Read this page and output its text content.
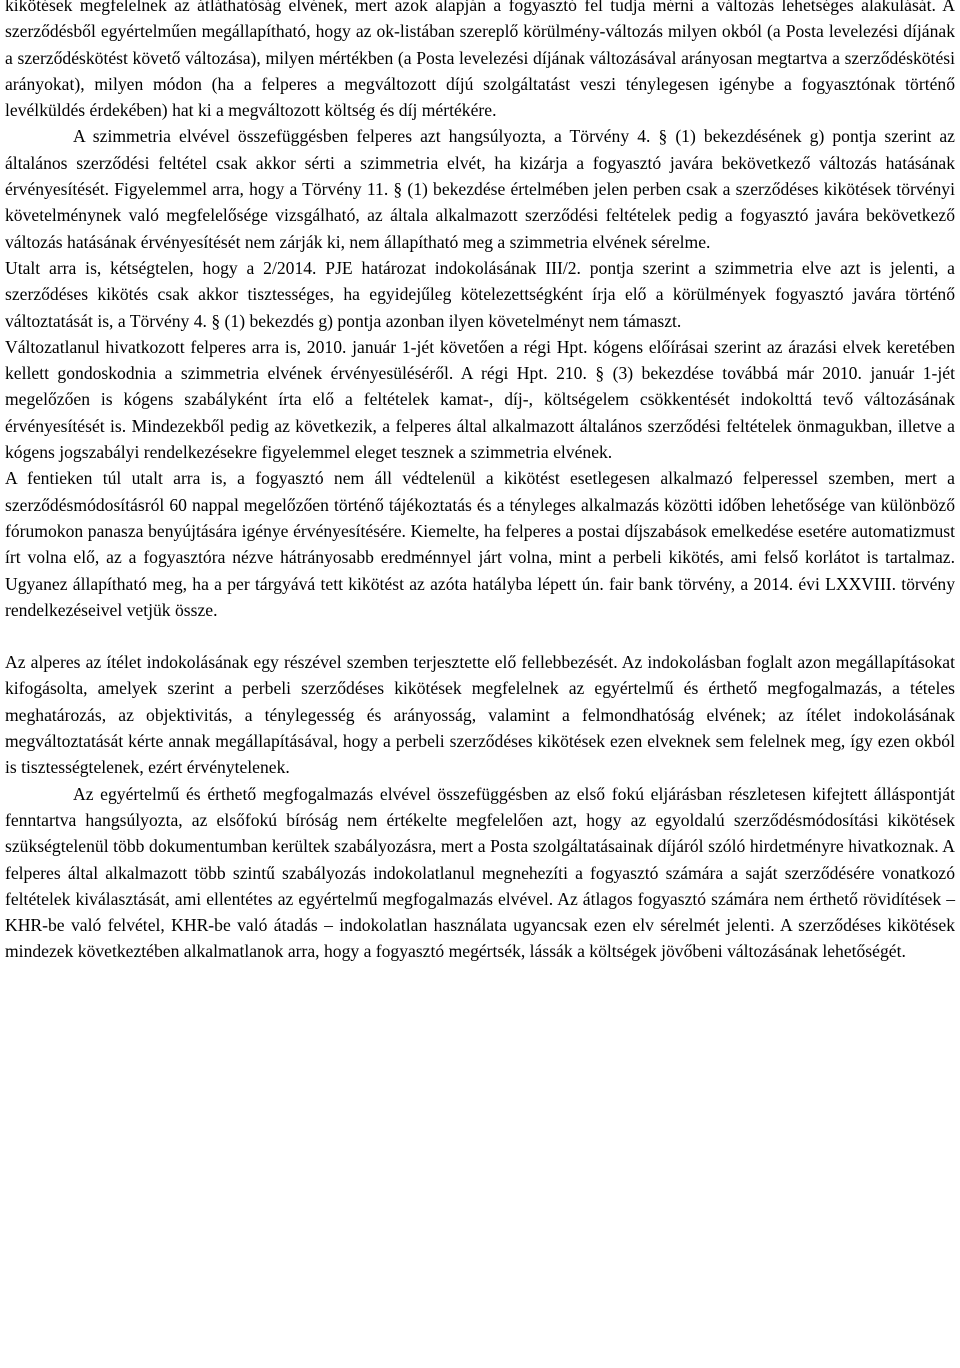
kikötések megfelelnek az átláthatóság elvének, mert azok alapján a fogyasztó fel tudja mérni a változás lehetséges alakulását. A szerződésből egyértelműen megállapítható, hogy az ok-listában szereplő körülmény-változás milyen okból (a Posta levelezési díjának a szerződéskötést követő változása), milyen mértékben (a Posta levelezési díjának változásával arányosan megtartva a szerződéskötési arányokat), milyen módon (ha a felperes a megváltozott díjú szolgáltatást veszi ténylegesen igénybe a fogyasztónak történő levélküldés érdekében) hat ki a megváltozott költség és díj mértékére.

A szimmetria elvével összefüggésben felperes azt hangsúlyozta, a Törvény 4. § (1) bekezdésének g) pontja szerint az általános szerződési feltétel csak akkor sérti a szimmetria elvét, ha kizárja a fogyasztó javára bekövetkező változás hatásának érvényesítését. Figyelemmel arra, hogy a Törvény 11. § (1) bekezdése értelmében jelen perben csak a szerződéses kikötések törvényi követelménynek való megfelelősége vizsgálható, az általa alkalmazott szerződési feltételek pedig a fogyasztó javára bekövetkező változás hatásának érvényesítését nem zárják ki, nem állapítható meg a szimmetria elvének sérelme.

Utalt arra is, kétségtelen, hogy a 2/2014. PJE határozat indokolásának III/2. pontja szerint a szimmetria elve azt is jelenti, a szerződéses kikötés csak akkor tisztességes, ha egyidejűleg kötelezettségként írja elő a körülmények fogyasztó javára történő változtatását is, a Törvény 4. § (1) bekezdés g) pontja azonban ilyen követelményt nem támaszt.

Változatlanul hivatkozott felperes arra is, 2010. január 1-jét követően a régi Hpt. kógens előírásai szerint az árazási elvek keretében kellett gondoskodnia a szimmetria elvének érvényesüléséről. A régi Hpt. 210. § (3) bekezdése továbbá már 2010. január 1-jét megelőzően is kógens szabályként írta elő a feltételek kamat-, díj-, költségelem csökkentését indokolttá tevő változásának érvényesítését is. Mindezekből pedig az következik, a felperes által alkalmazott általános szerződési feltételek önmagukban, illetve a kógens jogszabályi rendelkezésekre figyelemmel eleget tesznek a szimmetria elvének.

A fentieken túl utalt arra is, a fogyasztó nem áll védtelenül a kikötést esetlegesen alkalmazó felperessel szemben, mert a szerződésmódosításról 60 nappal megelőzően történő tájékoztatás és a tényleges alkalmazás közötti időben lehetősége van különböző fórumokon panasza benyújtására igénye érvényesítésére. Kiemelte, ha felperes a postai díjszabások emelkedése esetére automatizmust írt volna elő, az a fogyasztóra nézve hátrányosabb eredménnyel járt volna, mint a perbeli kikötés, ami felső korlátot is tartalmaz. Ugyanez állapítható meg, ha a per tárgyává tett kikötést az azóta hatályba lépett ún. fair bank törvény, a 2014. évi LXXVIII. törvény rendelkezéseivel vetjük össze.

Az alperes az ítélet indokolásának egy részével szemben terjesztette elő fellebbezését. Az indokolásban foglalt azon megállapításokat kifogásolta, amelyek szerint a perbeli szerződéses kikötések megfelelnek az egyértelmű és érthető megfogalmazás, a tételes meghatározás, az objektivitás, a ténylegesség és arányosság, valamint a felmondhatóság elvének; az ítélet indokolásának megváltoztatását kérte annak megállapításával, hogy a perbeli szerződéses kikötések ezen elveknek sem felelnek meg, így ezen okból is tisztességtelenek, ezért érvénytelenek.

Az egyértelmű és érthető megfogalmazás elvével összefüggésben az első fokú eljárásban részletesen kifejtett álláspontját fenntartva hangsúlyozta, az elsőfokú bíróság nem értékelte megfelelően azt, hogy az egyoldalú szerződésmódosítási kikötések szükségtelenül több dokumentumban kerültek szabályozásra, mert a Posta szolgáltatásainak díjáról szóló hirdetményre hivatkoznak. A felperes által alkalmazott több szintű szabályozás indokolatlanul megnehezíti a fogyasztó számára a saját szerződésére vonatkozó feltételek kiválasztását, ami ellentétes az egyértelmű megfogalmazás elvével. Az átlagos fogyasztó számára nem érthető rövidítések – KHR-be való felvétel, KHR-be való átadás – indokolatlan használata ugyancsak ezen elv sérelmét jelenti. A szerződéses kikötések mindezek következtében alkalmatlanok arra, hogy a fogyasztó megértsék, lássák a költségek jövőbeni változásának lehetőségét.
